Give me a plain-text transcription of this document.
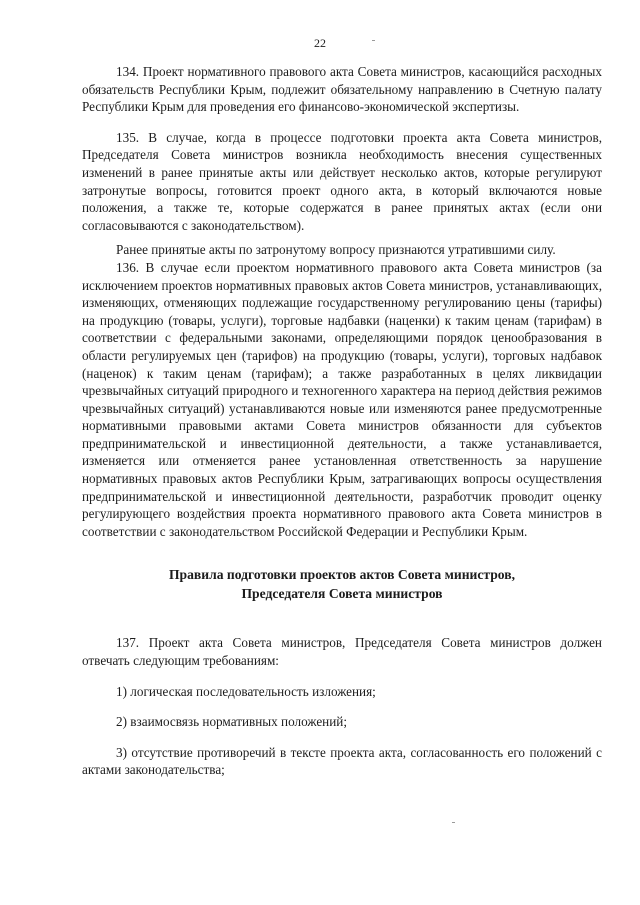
22

134. Проект нормативного правового акта Совета министров, касающийся расходных обязательств Республики Крым, подлежит обязательному направлению в Счетную палату Республики Крым для проведения его финансово-экономической экспертизы.

135. В случае, когда в процессе подготовки проекта акта Совета министров, Председателя Совета министров возникла необходимость внесения существенных изменений в ранее принятые акты или действует несколько актов, которые регулируют затронутые вопросы, готовится проект одного акта, в который включаются новые положения, а также те, которые содержатся в ранее принятых актах (если они согласовываются с законодательством).

Ранее принятые акты по затронутому вопросу признаются утратившими силу.

136. В случае если проектом нормативного правового акта Совета министров (за исключением проектов нормативных правовых актов Совета министров, устанавливающих, изменяющих, отменяющих подлежащие государственному регулированию цены (тарифы) на продукцию (товары, услуги), торговые надбавки (наценки) к таким ценам (тарифам) в соответствии с федеральными законами, определяющими порядок ценообразования в области регулируемых цен (тарифов) на продукцию (товары, услуги), торговых надбавок (наценок) к таким ценам (тарифам); а также разработанных в целях ликвидации чрезвычайных ситуаций природного и техногенного характера на период действия режимов чрезвычайных ситуаций) устанавливаются новые или изменяются ранее предусмотренные нормативными правовыми актами Совета министров обязанности для субъектов предпринимательской и инвестиционной деятельности, а также устанавливается, изменяется или отменяется ранее установленная ответственность за нарушение нормативных правовых актов Республики Крым, затрагивающих вопросы осуществления предпринимательской и инвестиционной деятельности, разработчик проводит оценку регулирующего воздействия проекта нормативного правового акта Совета министров в соответствии с законодательством Российской Федерации и Республики Крым.

Правила подготовки проектов актов Совета министров,
Председателя Совета министров

137. Проект акта Совета министров, Председателя Совета министров должен отвечать следующим требованиям:

1) логическая последовательность изложения;

2) взаимосвязь нормативных положений;

3) отсутствие противоречий в тексте проекта акта, согласованность его положений с актами законодательства;
